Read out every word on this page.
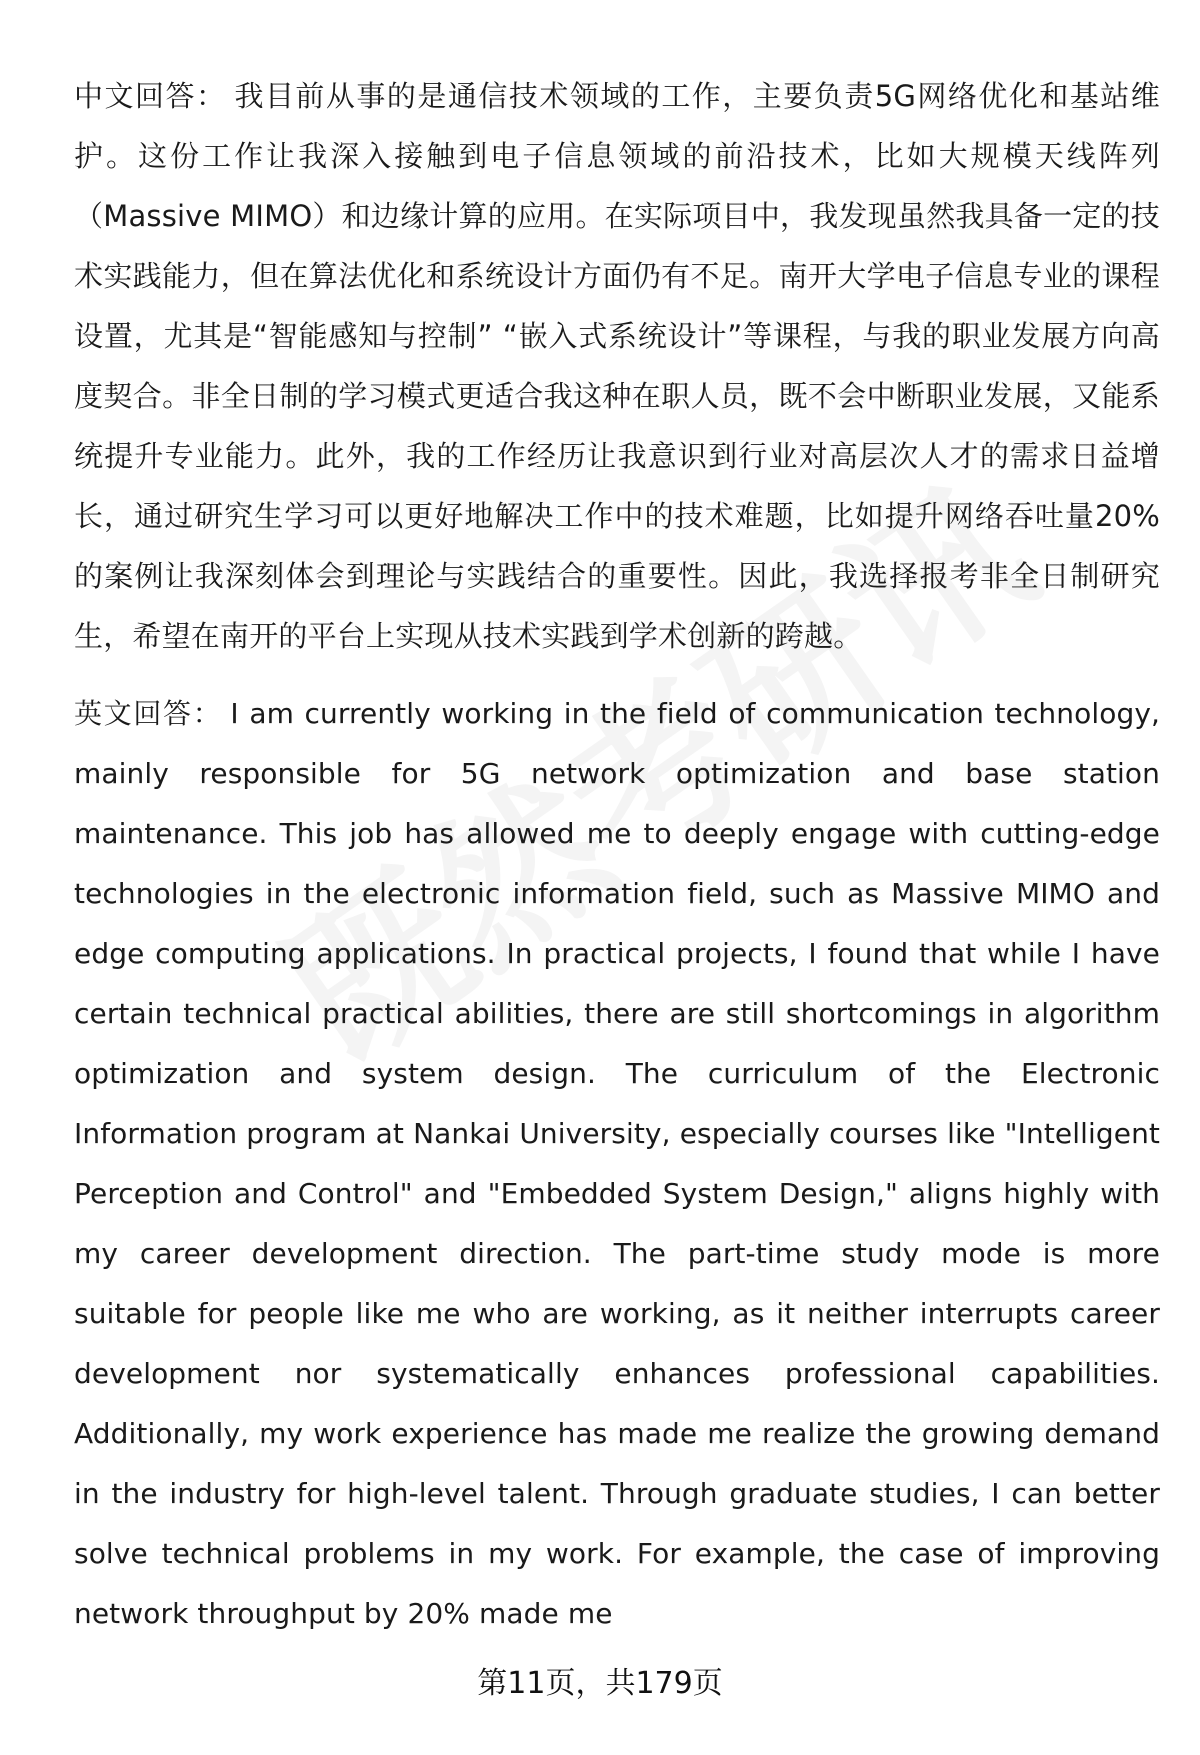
中文回答： 我目前从事的是通信技术领域的工作，主要负责5G网络优化和基站维护。这份工作让我深入接触到电子信息领域的前沿技术，比如大规模天线阵列（Massive MIMO）和边缘计算的应用。在实际项目中，我发现虽然我具备一定的技术实践能力，但在算法优化和系统设计方面仍有不足。南开大学电子信息专业的课程设置，尤其是“智能感知与控制” “嵌入式系统设计”等课程，与我的职业发展方向高度契合。非全日制的学习模式更适合我这种在职人员，既不会中断职业发展，又能系统提升专业能力。此外，我的工作经历让我意识到行业对高层次人才的需求日益增长，通过研究生学习可以更好地解决工作中的技术难题，比如提升网络吞吐量20%的案例让我深刻体会到理论与实践结合的重要性。因此，我选择报考非全日制研究生，希望在南开的平台上实现从技术实践到学术创新的跨越。

英文回答： I am currently working in the field of communication technology, mainly responsible for 5G network optimization and base station maintenance. This job has allowed me to deeply engage with cutting-edge technologies in the electronic information field, such as Massive MIMO and edge computing applications. In practical projects, I found that while I have certain technical practical abilities, there are still shortcomings in algorithm optimization and system design. The curriculum of the Electronic Information program at Nankai University, especially courses like "Intelligent Perception and Control" and "Embedded System Design," aligns highly with my career development direction. The part-time study mode is more suitable for people like me who are working, as it neither interrupts career development nor systematically enhances professional capabilities. Additionally, my work experience has made me realize the growing demand in the industry for high-level talent. Through graduate studies, I can better solve technical problems in my work. For example, the case of improving network throughput by 20% made me

第11页，共179页
